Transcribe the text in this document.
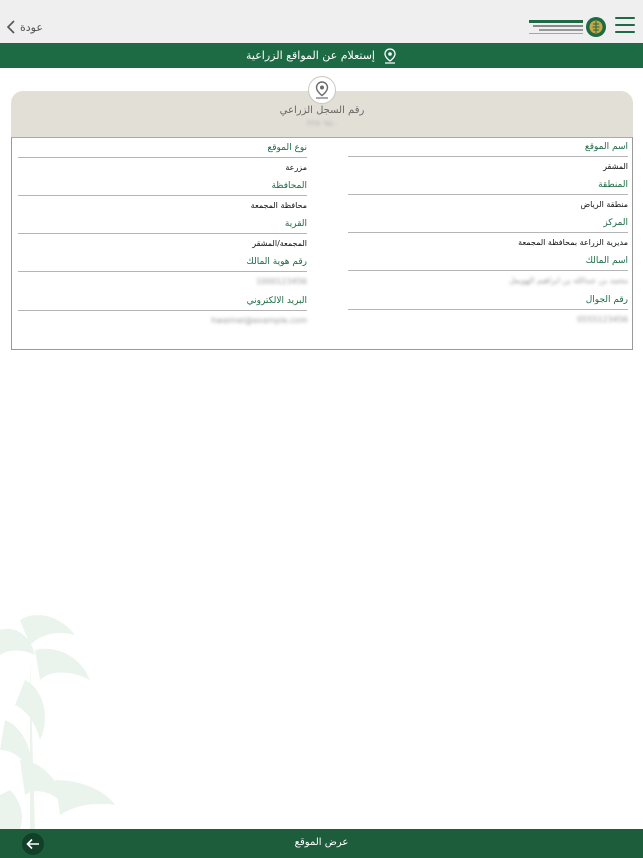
عودة
إستعلام عن المواقع الزراعية
رقم السجل الزراعي
٢٢٧٠٩٨٠
اسم الموقع
المشقر
المنطقة
منطقة الرياض
المركز
مديرية الزراعة بمحافظة المجمعة
اسم المالك
محمد بن عبدالله بن ابراهيم الهويمل
رقم الجوال
0555123456
نوع الموقع
مزرعة
المحافظة
محافظة المجمعة
القرية
المجمعة/المشقر
رقم هوية المالك
1000123456
البريد الالكتروني
hwaimel@example.com
عرض الموقع
